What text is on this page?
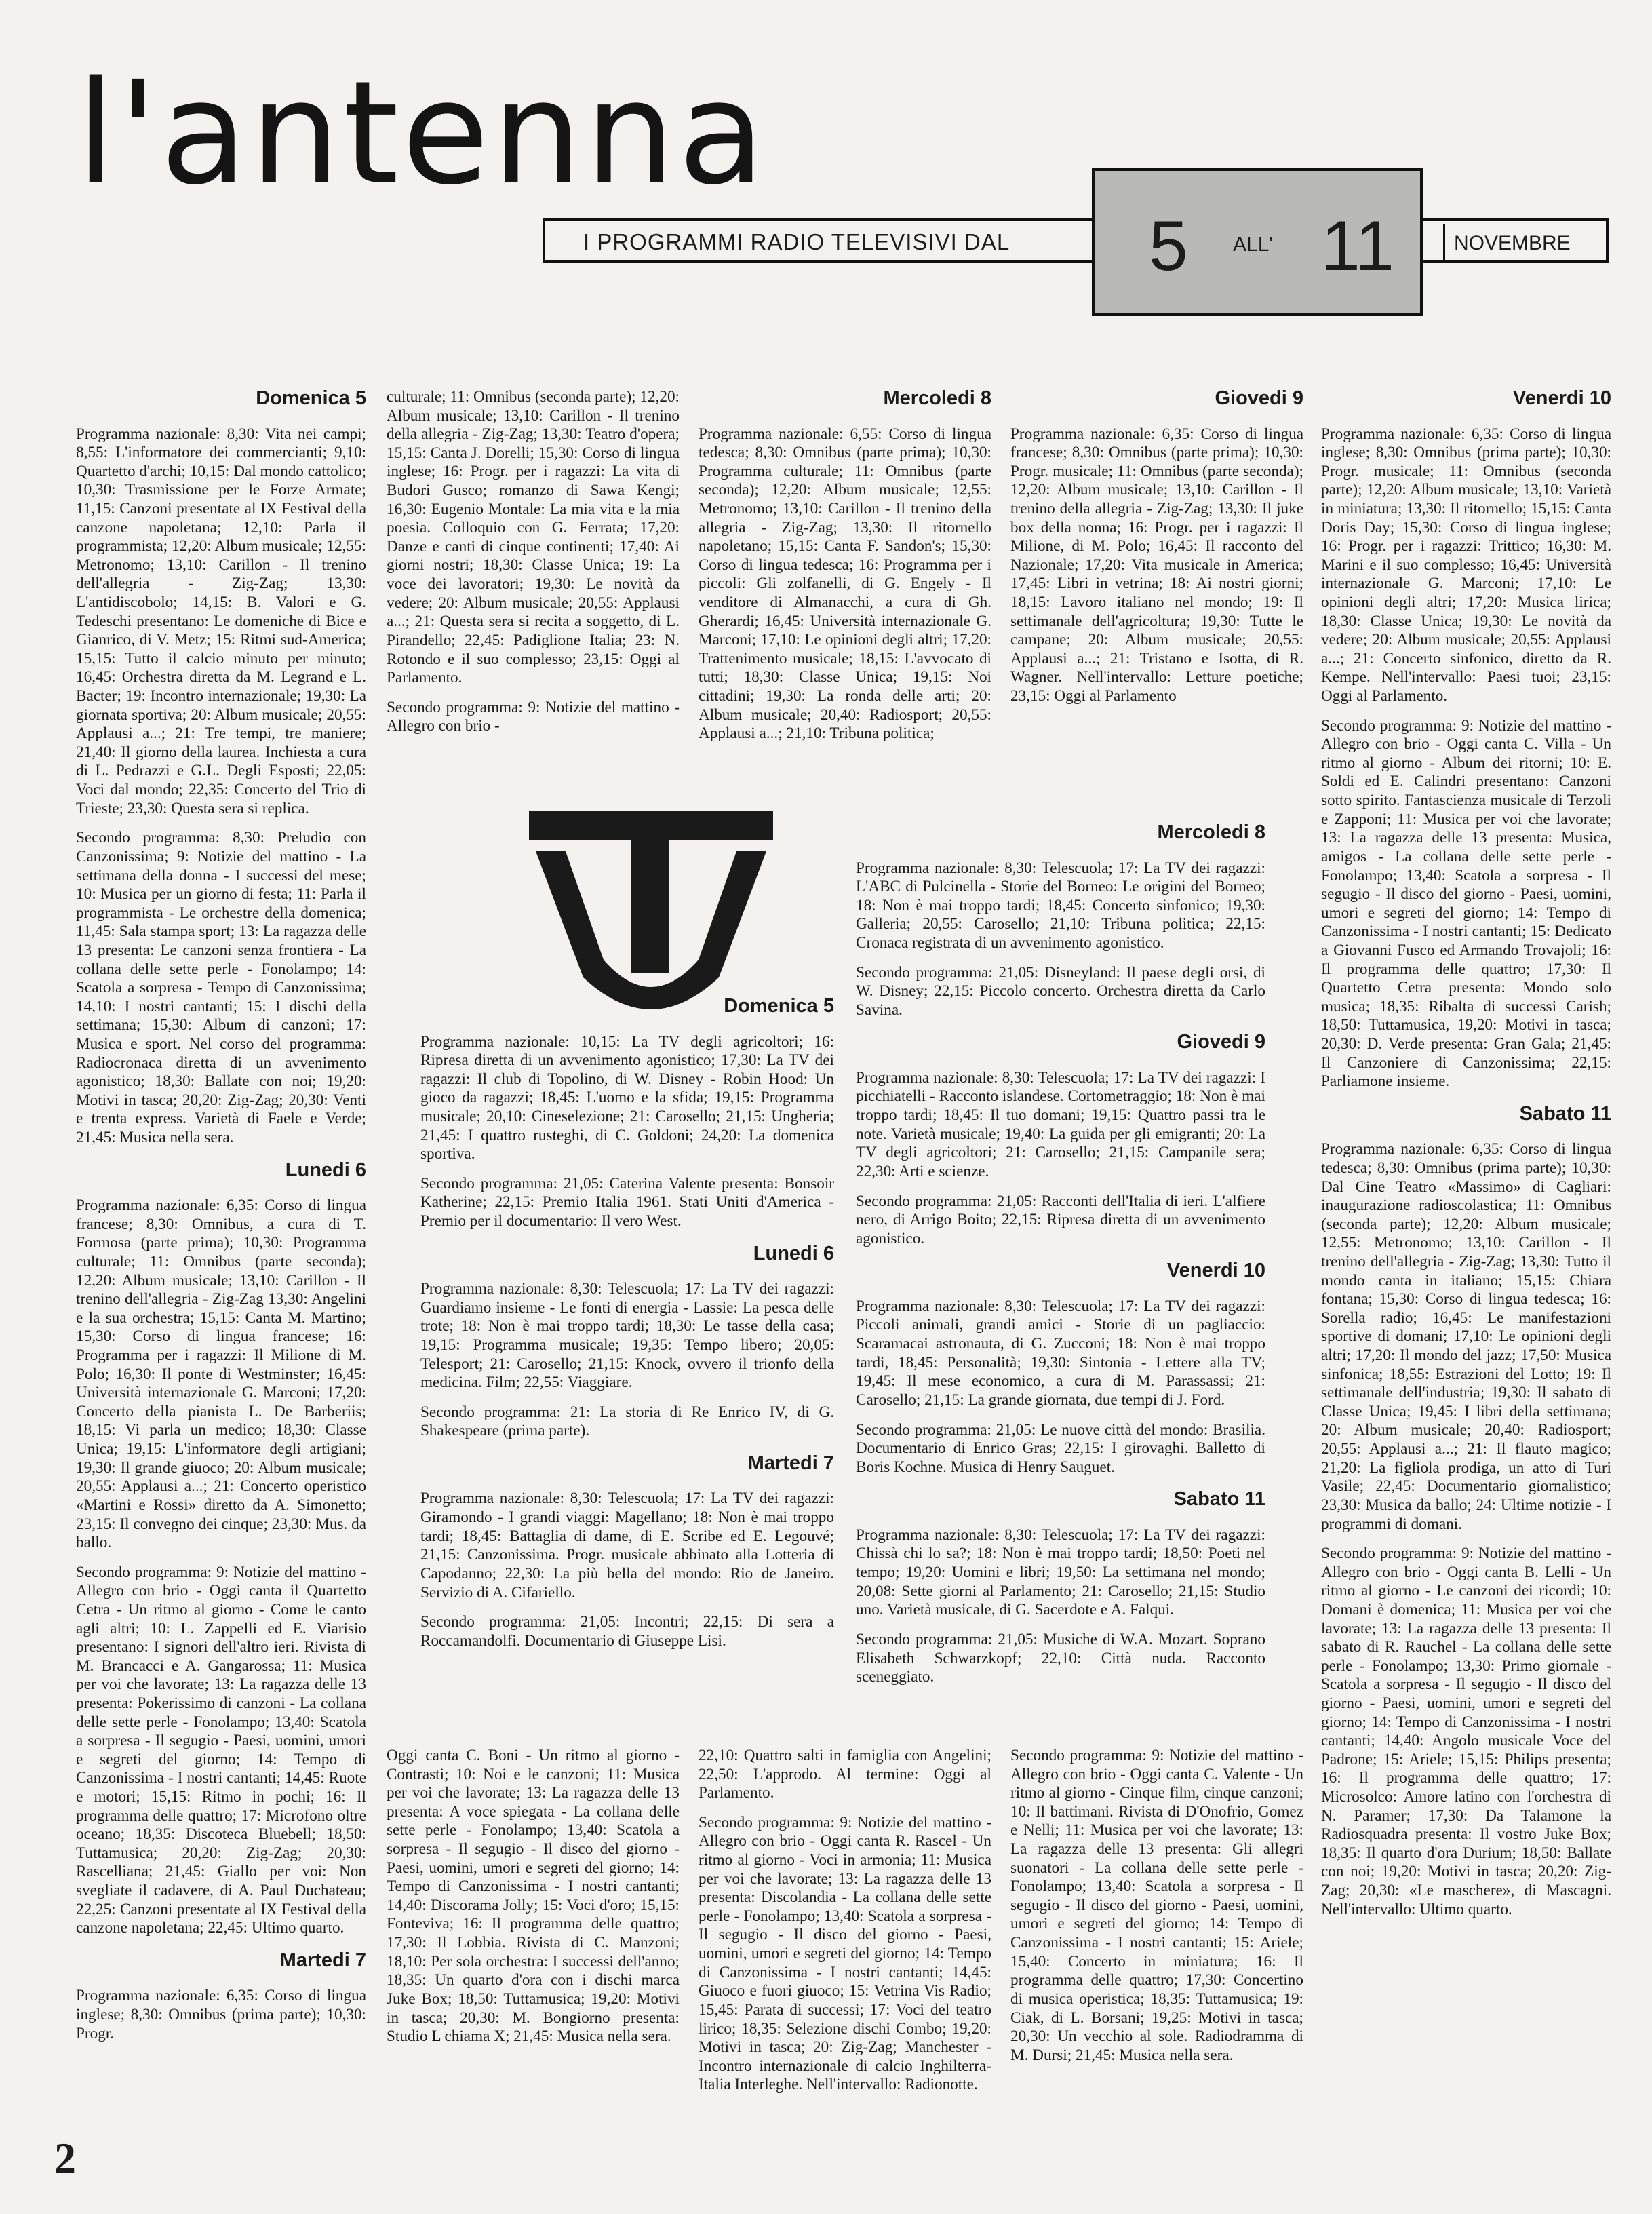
l'antenna
I PROGRAMMI RADIO TELEVISIVI DAL	NOVEMBRE
5 ALL' 11
Domenica 5

Programma nazionale: 8,30: Vita nei campi; 8,55: L'informatore dei commercianti; 9,10: Quartetto d'archi; 10,15: Dal mondo cattolico; 10,30: Trasmissione per le Forze Armate; 11,15: Canzoni presentate al IX Festival della canzone napoletana; 12,10: Parla il programmista; 12,20: Album musicale; 12,55: Metronomo; 13,10: Carillon - Il trenino dell'allegria - Zig-Zag; 13,30: L'antidiscobolo; 14,15: B. Valori e G. Tedeschi presentano: Le domeniche di Bice e Gianrico, di V. Metz; 15: Ritmi sud-America; 15,15: Tutto il calcio minuto per minuto; 16,45: Orchestra diretta da M. Legrand e L. Bacter; 19: Incontro internazionale; 19,30: La giornata sportiva; 20: Album musicale; 20,55: Applausi a...; 21: Tre tempi, tre maniere; 21,40: Il giorno della laurea. Inchiesta a cura di L. Pedrazzi e G.L. Degli Esposti; 22,05: Voci dal mondo; 22,35: Concerto del Trio di Trieste; 23,30: Questa sera si replica.

Secondo programma: 8,30: Preludio con Canzonissima; 9: Notizie del mattino - La settimana della donna - I successi del mese; 10: Musica per un giorno di festa; 11: Parla il programmista - Le orchestre della domenica; 11,45: Sala stampa sport; 13: La ragazza delle 13 presenta: Le canzoni senza frontiera - La collana delle sette perle - Fonolampo; 14: Scatola a sorpresa - Tempo di Canzonissima; 14,10: I nostri cantanti; 15: I dischi della settimana; 15,30: Album di canzoni; 17: Musica e sport. Nel corso del programma: Radiocronaca diretta di un avvenimento agonistico; 18,30: Ballate con noi; 19,20: Motivi in tasca; 20,20: Zig-Zag; 20,30: Venti e trenta express. Varietà di Faele e Verde; 21,45: Musica nella sera.

Lunedi 6

Programma nazionale: 6,35: Corso di lingua francese; 8,30: Omnibus, a cura di T. Formosa (parte prima); 10,30: Programma culturale; 11: Omnibus (parte seconda); 12,20: Album musicale; 13,10: Carillon - Il trenino dell'allegria - Zig-Zag 13,30: Angelini e la sua orchestra; 15,15: Canta M. Martino; 15,30: Corso di lingua francese; 16: Programma per i ragazzi: Il Milione di M. Polo; 16,30: Il ponte di Westminster; 16,45: Università internazionale G. Marconi; 17,20: Concerto della pianista L. De Barberiis; 18,15: Vi parla un medico; 18,30: Classe Unica; 19,15: L'informatore degli artigiani; 19,30: Il grande giuoco; 20: Album musicale; 20,55: Applausi a...; 21: Concerto operistico «Martini e Rossi» diretto da A. Simonetto; 23,15: Il convegno dei cinque; 23,30: Mus. da ballo.

Secondo programma: 9: Notizie del mattino - Allegro con brio - Oggi canta il Quartetto Cetra - Un ritmo al giorno - Come le canto agli altri; 10: L. Zappelli ed E. Viarisio presentano: I signori dell'altro ieri. Rivista di M. Brancacci e A. Gangarossa; 11: Musica per voi che lavorate; 13: La ragazza delle 13 presenta: Pokerissimo di canzoni - La collana delle sette perle - Fonolampo; 13,40: Scatola a sorpresa - Il segugio - Paesi, uomini, umori e segreti del giorno; 14: Tempo di Canzonissima - I nostri cantanti; 14,45: Ruote e motori; 15,15: Ritmo in pochi; 16: Il programma delle quattro; 17: Microfono oltre oceano; 18,35: Discoteca Bluebell; 18,50: Tuttamusica; 20,20: Zig-Zag; 20,30: Rascelliana; 21,45: Giallo per voi: Non svegliate il cadavere, di A. Paul Duchateau; 22,25: Canzoni presentate al IX Festival della canzone napoletana; 22,45: Ultimo quarto.

Martedi 7

Programma nazionale: 6,35: Corso di lingua inglese; 8,30: Omnibus (prima parte); 10,30: Progr.

culturale; 11: Omnibus (seconda parte); 12,20: Album musicale; 13,10: Carillon - Il trenino della allegria - Zig-Zag; 13,30: Teatro d'opera; 15,15: Canta J. Dorelli; 15,30: Corso di lingua inglese; 16: Progr. per i ragazzi: La vita di Budori Gusco; romanzo di Sawa Kengi; 16,30: Eugenio Montale: La mia vita e la mia poesia. Colloquio con G. Ferrata; 17,20: Danze e canti di cinque continenti; 17,40: Ai giorni nostri; 18,30: Classe Unica; 19: La voce dei lavoratori; 19,30: Le novità da vedere; 20: Album musicale; 20,55: Applausi a...; 21: Questa sera si recita a soggetto, di L. Pirandello; 22,45: Padiglione Italia; 23: N. Rotondo e il suo complesso; 23,15: Oggi al Parlamento.

Secondo programma: 9: Notizie del mattino - Allegro con brio -

Mercoledi 8

Programma nazionale: 6,55: Corso di lingua tedesca; 8,30: Omnibus (parte prima); 10,30: Programma culturale; 11: Omnibus (parte seconda); 12,20: Album musicale; 12,55: Metronomo; 13,10: Carillon - Il trenino della allegria - Zig-Zag; 13,30: Il ritornello napoletano; 15,15: Canta F. Sandon's; 15,30: Corso di lingua tedesca; 16: Programma per i piccoli: Gli zolfanelli, di G. Engely - Il venditore di Almanacchi, a cura di Gh. Gherardi; 16,45: Università internazionale G. Marconi; 17,10: Le opinioni degli altri; 17,20: Trattenimento musicale; 18,15: L'avvocato di tutti; 18,30: Classe Unica; 19,15: Noi cittadini; 19,30: La ronda delle arti; 20: Album musicale; 20,40: Radiosport; 20,55: Applausi a...; 21,10: Tribuna politica;

Giovedi 9

Programma nazionale: 6,35: Corso di lingua francese; 8,30: Omnibus (parte prima); 10,30: Progr. musicale; 11: Omnibus (parte seconda); 12,20: Album musicale; 13,10: Carillon - Il trenino della allegria - Zig-Zag; 13,30: Il juke box della nonna; 16: Progr. per i ragazzi: Il Milione, di M. Polo; 16,45: Il racconto del Nazionale; 17,20: Vita musicale in America; 17,45: Libri in vetrina; 18: Ai nostri giorni; 18,15: Lavoro italiano nel mondo; 19: Il settimanale dell'agricoltura; 19,30: Tutte le campane; 20: Album musicale; 20,55: Applausi a...; 21: Tristano e Isotta, di R. Wagner. Nell'intervallo: Letture poetiche; 23,15: Oggi al Parlamento

Venerdi 10

Programma nazionale: 6,35: Corso di lingua inglese; 8,30: Omnibus (prima parte); 10,30: Progr. musicale; 11: Omnibus (seconda parte); 12,20: Album musicale; 13,10: Varietà in miniatura; 13,30: Il ritornello; 15,15: Canta Doris Day; 15,30: Corso di lingua inglese; 16: Progr. per i ragazzi: Trittico; 16,30: M. Marini e il suo complesso; 16,45: Università internazionale G. Marconi; 17,10: Le opinioni degli altri; 17,20: Musica lirica; 18,30: Classe Unica; 19,30: Le novità da vedere; 20: Album musicale; 20,55: Applausi a...; 21: Concerto sinfonico, diretto da R. Kempe. Nell'intervallo: Paesi tuoi; 23,15: Oggi al Parlamento.

Secondo programma: 9: Notizie del mattino - Allegro con brio - Oggi canta C. Villa - Un ritmo al giorno - Album dei ritorni; 10: E. Soldi ed E. Calindri presentano: Canzoni sotto spirito. Fantascienza musicale di Terzoli e Zapponi; 11: Musica per voi che lavorate; 13: La ragazza delle 13 presenta: Musica, amigos - La collana delle sette perle - Fonolampo; 13,40: Scatola a sorpresa - Il segugio - Il disco del giorno - Paesi, uomini, umori e segreti del giorno; 14: Tempo di Canzonissima - I nostri cantanti; 15: Dedicato a Giovanni Fusco ed Armando Trovajoli; 16: Il programma delle quattro; 17,30: Il Quartetto Cetra presenta: Mondo solo musica; 18,35: Ribalta di successi Carish; 18,50: Tuttamusica, 19,20: Motivi in tasca; 20,30: D. Verde presenta: Gran Gala; 21,45: Il Canzoniere di Canzonissima; 22,15: Parliamone insieme.

Sabato 11

Programma nazionale: 6,35: Corso di lingua tedesca; 8,30: Omnibus (prima parte); 10,30: Dal Cine Teatro «Massimo» di Cagliari: inaugurazione radioscolastica; 11: Omnibus (seconda parte); 12,20: Album musicale; 12,55: Metronomo; 13,10: Carillon - Il trenino dell'allegria - Zig-Zag; 13,30: Tutto il mondo canta in italiano; 15,15: Chiara fontana; 15,30: Corso di lingua tedesca; 16: Sorella radio; 16,45: Le manifestazioni sportive di domani; 17,10: Le opinioni degli altri; 17,20: Il mondo del jazz; 17,50: Musica sinfonica; 18,55: Estrazioni del Lotto; 19: Il settimanale dell'industria; 19,30: Il sabato di Classe Unica; 19,45: I libri della settimana; 20: Album musicale; 20,40: Radiosport; 20,55: Applausi a...; 21: Il flauto magico; 21,20: La figliola prodiga, un atto di Turi Vasile; 22,45: Documentario giornalistico; 23,30: Musica da ballo; 24: Ultime notizie - I programmi di domani.

Secondo programma: 9: Notizie del mattino - Allegro con brio - Oggi canta B. Lelli - Un ritmo al giorno - Le canzoni dei ricordi; 10: Domani è domenica; 11: Musica per voi che lavorate; 13: La ragazza delle 13 presenta: Il sabato di R. Rauchel - La collana delle sette perle - Fonolampo; 13,30: Primo giornale - Scatola a sorpresa - Il segugio - Il disco del giorno - Paesi, uomini, umori e segreti del giorno; 14: Tempo di Canzonissima - I nostri cantanti; 14,40: Angolo musicale Voce del Padrone; 15: Ariele; 15,15: Philips presenta; 16: Il programma delle quattro; 17: Microsolco: Amore latino con l'orchestra di N. Paramer; 17,30: Da Talamone la Radiosquadra presenta: Il vostro Juke Box; 18,35: Il quarto d'ora Durium; 18,50: Ballate con noi; 19,20: Motivi in tasca; 20,20: Zig-Zag; 20,30: «Le maschere», di Mascagni. Nell'intervallo: Ultimo quarto.

Domenica 5

Programma nazionale: 10,15: La TV degli agricoltori; 16: Ripresa diretta di un avvenimento agonistico; 17,30: La TV dei ragazzi: Il club di Topolino, di W. Disney - Robin Hood: Un gioco da ragazzi; 18,45: L'uomo e la sfida; 19,15: Programma musicale; 20,10: Cineselezione; 21: Carosello; 21,15: Ungheria; 21,45: I quattro rusteghi, di C. Goldoni; 24,20: La domenica sportiva.

Secondo programma: 21,05: Caterina Valente presenta: Bonsoir Katherine; 22,15: Premio Italia 1961. Stati Uniti d'America - Premio per il documentario: Il vero West.

Lunedi 6

Programma nazionale: 8,30: Telescuola; 17: La TV dei ragazzi: Guardiamo insieme - Le fonti di energia - Lassie: La pesca delle trote; 18: Non è mai troppo tardi; 18,30: Le tasse della casa; 19,15: Programma musicale; 19,35: Tempo libero; 20,05: Telesport; 21: Carosello; 21,15: Knock, ovvero il trionfo della medicina. Film; 22,55: Viaggiare.

Secondo programma: 21: La storia di Re Enrico IV, di G. Shakespeare (prima parte).

Martedi 7

Programma nazionale: 8,30: Telescuola; 17: La TV dei ragazzi: Giramondo - I grandi viaggi: Magellano; 18: Non è mai troppo tardi; 18,45: Battaglia di dame, di E. Scribe ed E. Legouvé; 21,15: Canzonissima. Progr. musicale abbinato alla Lotteria di Capodanno; 22,30: La più bella del mondo: Rio de Janeiro. Servizio di A. Cifariello.

Secondo programma: 21,05: Incontri; 22,15: Di sera a Roccamandolfi. Documentario di Giuseppe Lisi.

Mercoledi 8

Programma nazionale: 8,30: Telescuola; 17: La TV dei ragazzi: L'ABC di Pulcinella - Storie del Borneo: Le origini del Borneo; 18: Non è mai troppo tardi; 18,45: Concerto sinfonico; 19,30: Galleria; 20,55: Carosello; 21,10: Tribuna politica; 22,15: Cronaca registrata di un avvenimento agonistico.

Secondo programma: 21,05: Disneyland: Il paese degli orsi, di W. Disney; 22,15: Piccolo concerto. Orchestra diretta da Carlo Savina.

Giovedi 9

Programma nazionale: 8,30: Telescuola; 17: La TV dei ragazzi: I picchiatelli - Racconto islandese. Cortometraggio; 18: Non è mai troppo tardi; 18,45: Il tuo domani; 19,15: Quattro passi tra le note. Varietà musicale; 19,40: La guida per gli emigranti; 20: La TV degli agricoltori; 21: Carosello; 21,15: Campanile sera; 22,30: Arti e scienze.

Secondo programma: 21,05: Racconti dell'Italia di ieri. L'alfiere nero, di Arrigo Boito; 22,15: Ripresa diretta di un avvenimento agonistico.

Venerdi 10

Programma nazionale: 8,30: Telescuola; 17: La TV dei ragazzi: Piccoli animali, grandi amici - Storie di un pagliaccio: Scaramacai astronauta, di G. Zucconi; 18: Non è mai troppo tardi, 18,45: Personalità; 19,30: Sintonia - Lettere alla TV; 19,45: Il mese economico, a cura di M. Parassassi; 21: Carosello; 21,15: La grande giornata, due tempi di J. Ford.

Secondo programma: 21,05: Le nuove città del mondo: Brasilia. Documentario di Enrico Gras; 22,15: I girovaghi. Balletto di Boris Kochne. Musica di Henry Sauguet.

Sabato 11

Programma nazionale: 8,30: Telescuola; 17: La TV dei ragazzi: Chissà chi lo sa?; 18: Non è mai troppo tardi; 18,50: Poeti nel tempo; 19,20: Uomini e libri; 19,50: La settimana nel mondo; 20,08: Sette giorni al Parlamento; 21: Carosello; 21,15: Studio uno. Varietà musicale, di G. Sacerdote e A. Falqui.

Secondo programma: 21,05: Musiche di W.A. Mozart. Soprano Elisabeth Schwarzkopf; 22,10: Città nuda. Racconto sceneggiato.

Oggi canta C. Boni - Un ritmo al giorno - Contrasti; 10: Noi e le canzoni; 11: Musica per voi che lavorate; 13: La ragazza delle 13 presenta: A voce spiegata - La collana delle sette perle - Fonolampo; 13,40: Scatola a sorpresa - Il segugio - Il disco del giorno - Paesi, uomini, umori e segreti del giorno; 14: Tempo di Canzonissima - I nostri cantanti; 14,40: Discorama Jolly; 15: Voci d'oro; 15,15: Fonteviva; 16: Il programma delle quattro; 17,30: Il Lobbia. Rivista di C. Manzoni; 18,10: Per sola orchestra: I successi dell'anno; 18,35: Un quarto d'ora con i dischi marca Juke Box; 18,50: Tuttamusica; 19,20: Motivi in tasca; 20,30: M. Bongiorno presenta: Studio L chiama X; 21,45: Musica nella sera.

22,10: Quattro salti in famiglia con Angelini; 22,50: L'approdo. Al termine: Oggi al Parlamento.

Secondo programma: 9: Notizie del mattino - Allegro con brio - Oggi canta R. Rascel - Un ritmo al giorno - Voci in armonia; 11: Musica per voi che lavorate; 13: La ragazza delle 13 presenta: Discolandia - La collana delle sette perle - Fonolampo; 13,40: Scatola a sorpresa - Il segugio - Il disco del giorno - Paesi, uomini, umori e segreti del giorno; 14: Tempo di Canzonissima - I nostri cantanti; 14,45: Giuoco e fuori giuoco; 15: Vetrina Vis Radio; 15,45: Parata di successi; 17: Voci del teatro lirico; 18,35: Selezione dischi Combo; 19,20: Motivi in tasca; 20: Zig-Zag; Manchester - Incontro internazionale di calcio Inghilterra-Italia Interleghe. Nell'intervallo: Radionotte.

Secondo programma: 9: Notizie del mattino - Allegro con brio - Oggi canta C. Valente - Un ritmo al giorno - Cinque film, cinque canzoni; 10: Il battimani. Rivista di D'Onofrio, Gomez e Nelli; 11: Musica per voi che lavorate; 13: La ragazza delle 13 presenta: Gli allegri suonatori - La collana delle sette perle - Fonolampo; 13,40: Scatola a sorpresa - Il segugio - Il disco del giorno - Paesi, uomini, umori e segreti del giorno; 14: Tempo di Canzonissima - I nostri cantanti; 15: Ariele; 15,40: Concerto in miniatura; 16: Il programma delle quattro; 17,30: Concertino di musica operistica; 18,35: Tuttamusica; 19: Ciak, di L. Borsani; 19,25: Motivi in tasca; 20,30: Un vecchio al sole. Radiodramma di M. Dursi; 21,45: Musica nella sera.

2
